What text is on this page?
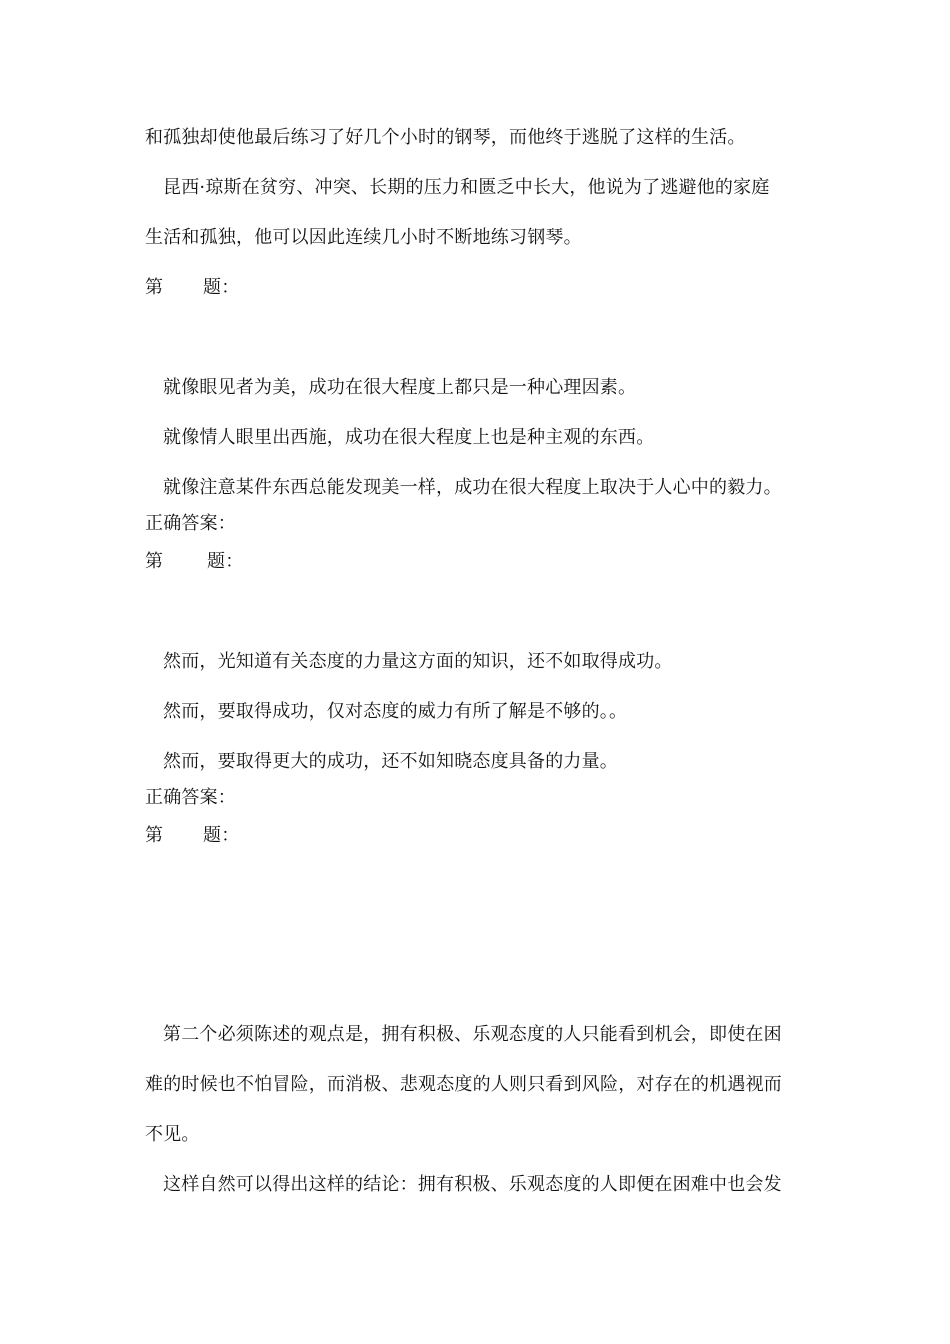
和孤独却使他最后练习了好几个小时的钢琴，而他终于逃脱了这样的生活。
昆西·琼斯在贫穷、冲突、长期的压力和匮乏中长大，他说为了逃避他的家庭
生活和孤独，他可以因此连续几小时不断地练习钢琴。
第 题：
就像眼见者为美，成功在很大程度上都只是一种心理因素。
就像情人眼里出西施，成功在很大程度上也是种主观的东西。
就像注意某件东西总能发现美一样，成功在很大程度上取决于人心中的毅力。
正确答案：
第 题：
然而，光知道有关态度的力量这方面的知识，还不如取得成功。
然而，要取得成功，仅对态度的威力有所了解是不够的。。
然而，要取得更大的成功，还不如知晓态度具备的力量。
正确答案：
第 题：
第二个必须陈述的观点是，拥有积极、乐观态度的人只能看到机会，即使在困
难的时候也不怕冒险，而消极、悲观态度的人则只看到风险，对存在的机遇视而
不见。
这样自然可以得出这样的结论：拥有积极、乐观态度的人即便在困难中也会发
